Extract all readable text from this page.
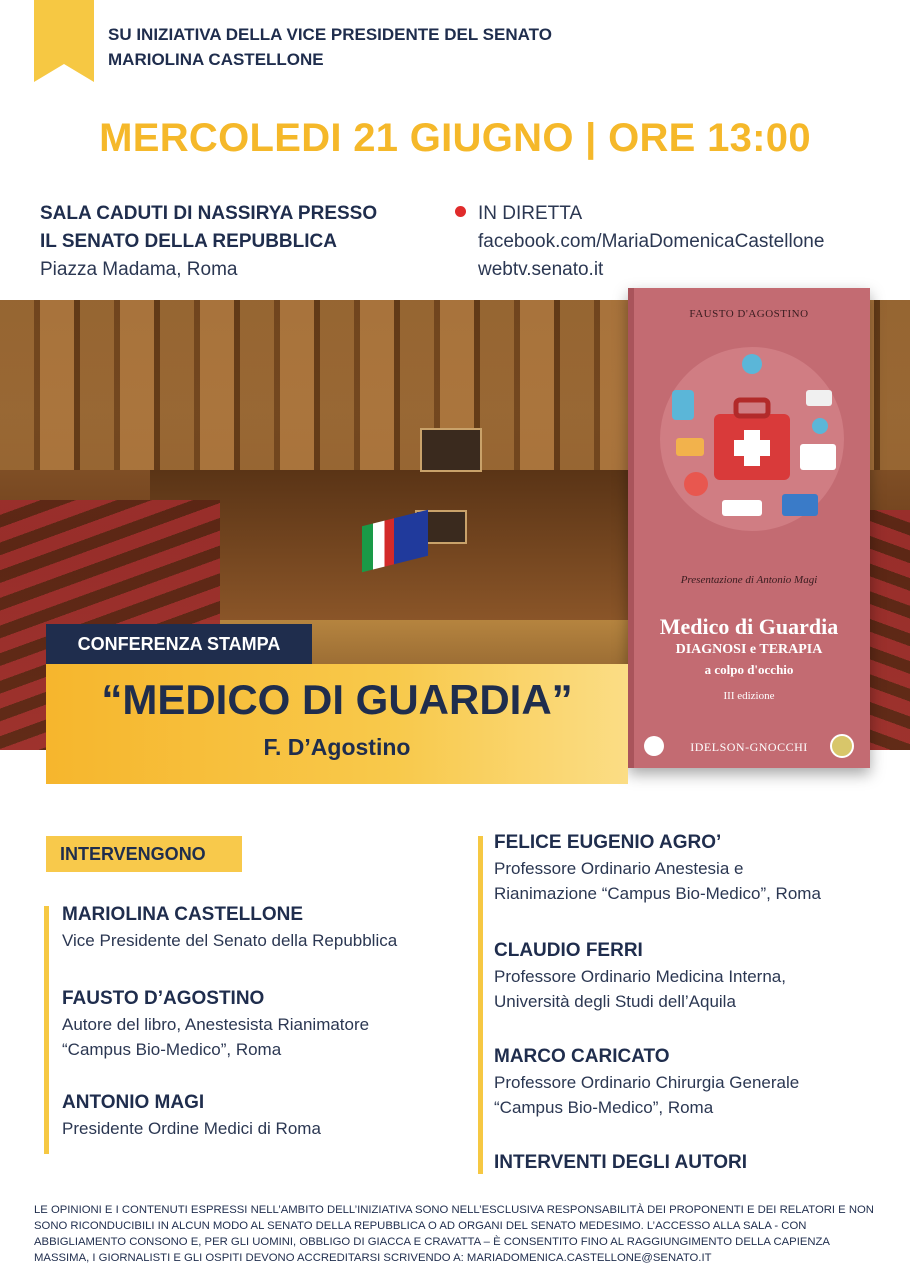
SU INIZIATIVA DELLA VICE PRESIDENTE DEL SENATO
MARIOLINA CASTELLONE
MERCOLEDI 21 GIUGNO | ORE 13:00
SALA CADUTI DI NASSIRYA PRESSO
IL SENATO DELLA REPUBBLICA
Piazza Madama, Roma
IN DIRETTA
facebook.com/MariaDomenicaCastellone
webtv.senato.it
FAUSTO D'AGOSTINO
Presentazione di Antonio Magi
Medico di Guardia
DIAGNOSI e TERAPIA
a colpo d'occhio
III edizione
IDELSON-GNOCCHI
CONFERENZA STAMPA
“MEDICO DI GUARDIA”
F. D’Agostino
INTERVENGONO
MARIOLINA CASTELLONE
Vice Presidente del Senato della Repubblica
FAUSTO D’AGOSTINO
Autore del libro, Anestesista Rianimatore
“Campus Bio-Medico”, Roma
ANTONIO MAGI
Presidente Ordine Medici di Roma
FELICE EUGENIO AGRO’
Professore Ordinario Anestesia e
Rianimazione “Campus Bio-Medico”, Roma
CLAUDIO FERRI
Professore Ordinario Medicina Interna,
Università degli Studi dell’Aquila
MARCO CARICATO
Professore Ordinario Chirurgia Generale
“Campus Bio-Medico”, Roma
INTERVENTI DEGLI AUTORI
LE OPINIONI E I CONTENUTI ESPRESSI NELL’AMBITO DELL’INIZIATIVA SONO NELL’ESCLUSIVA RESPONSABILITÀ DEI PROPONENTI E DEI RELATORI E NON SONO RICONDUCIBILI IN ALCUN MODO AL SENATO DELLA REPUBBLICA O AD ORGANI DEL SENATO MEDESIMO. L’ACCESSO ALLA SALA - CON ABBIGLIAMENTO CONSONO E, PER GLI UOMINI, OBBLIGO DI GIACCA E CRAVATTA – È CONSENTITO FINO AL RAGGIUNGIMENTO DELLA CAPIENZA MASSIMA, I GIORNALISTI E GLI OSPITI DEVONO ACCREDITARSI SCRIVENDO A: MARIADOMENICA.CASTELLONE@SENATO.IT
